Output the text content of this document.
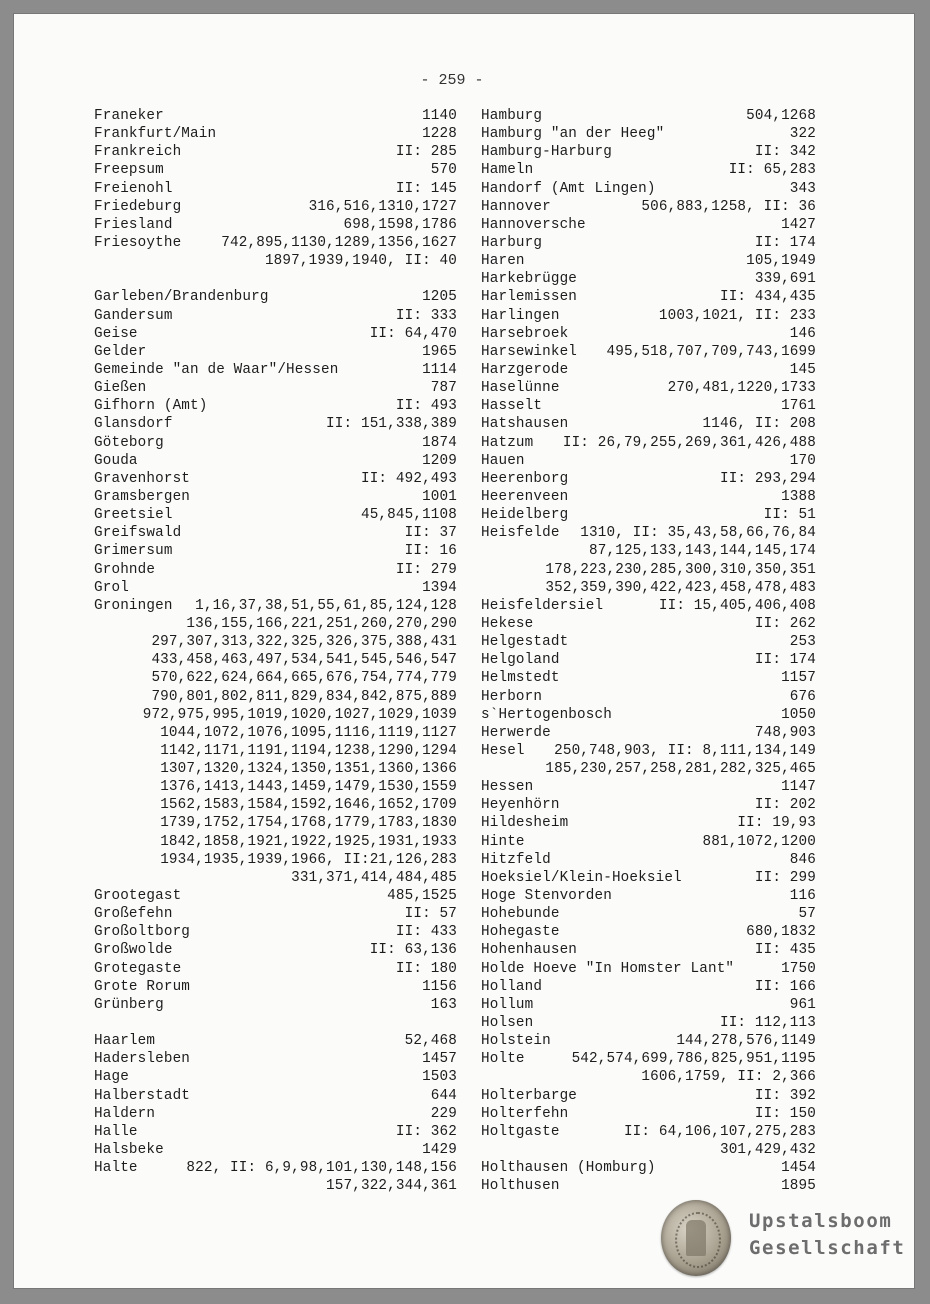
- 259 -
Franeker	1140
Frankfurt/Main	1228
Frankreich	II: 285
Freepsum	570
Freienohl	II: 145
Friedeburg	316,516,1310,1727
Friesland	698,1598,1786
Friesoythe	742,895,1130,1289,1356,1627
1897,1939,1940, II: 40
Garleben/Brandenburg	1205
Gandersum	II: 333
Geise	II: 64,470
Gelder	1965
Gemeinde "an de Waar"/Hessen	1114
Gießen	787
Gifhorn (Amt)	II: 493
Glansdorf	II: 151,338,389
Göteborg	1874
Gouda	1209
Gravenhorst	II: 492,493
Gramsbergen	1001
Greetsiel	45,845,1108
Greifswald	II: 37
Grimersum	II: 16
Grohnde	II: 279
Grol	1394
Groningen 1,16,37,38,51,55,61,85,124,128
136,155,166,221,251,260,270,290
297,307,313,322,325,326,375,388,431
433,458,463,497,534,541,545,546,547
570,622,624,664,665,676,754,774,779
790,801,802,811,829,834,842,875,889
972,975,995,1019,1020,1027,1029,1039
1044,1072,1076,1095,1116,1119,1127
1142,1171,1191,1194,1238,1290,1294
1307,1320,1324,1350,1351,1360,1366
1376,1413,1443,1459,1479,1530,1559
1562,1583,1584,1592,1646,1652,1709
1739,1752,1754,1768,1779,1783,1830
1842,1858,1921,1922,1925,1931,1933
1934,1935,1939,1966, II:21,126,283
331,371,414,484,485
Grootegast	485,1525
Großefehn	II: 57
Großoltborg	II: 433
Großwolde	II: 63,136
Grotegaste	II: 180
Grote Rorum	1156
Grünberg	163
Haarlem	52,468
Hadersleben	1457
Hage	1503
Halberstadt	644
Haldern	229
Halle	II: 362
Halsbeke	1429
Halte	822, II: 6,9,98,101,130,148,156
157,322,344,361
Hamburg	504,1268
Hamburg "an der Heeg"	322
Hamburg-Harburg	II: 342
Hameln	II: 65,283
Handorf (Amt Lingen)	343
Hannover	506,883,1258, II: 36
Hannoversche	1427
Harburg	II: 174
Haren	105,1949
Harkebrügge	339,691
Harlemissen	II: 434,435
Harlingen	1003,1021, II: 233
Harsebroek	146
Harsewinkel 495,518,707,709,743,1699
Harzgerode	145
Haselünne	270,481,1220,1733
Hasselt	1761
Hatshausen	1146, II: 208
Hatzum II: 26,79,255,269,361,426,488
Hauen	170
Heerenborg	II: 293,294
Heerenveen	1388
Heidelberg	II: 51
Heisfelde 1310, II: 35,43,58,66,76,84
87,125,133,143,144,145,174
178,223,230,285,300,310,350,351
352,359,390,422,423,458,478,483
Heisfeldersiel	II: 15,405,406,408
Hekese	II: 262
Helgestadt	253
Helgoland	II: 174
Helmstedt	1157
Herborn	676
s`Hertogenbosch	1050
Herwerde	748,903
Hesel 250,748,903, II: 8,111,134,149
185,230,257,258,281,282,325,465
Hessen	1147
Heyenhörn	II: 202
Hildesheim	II: 19,93
Hinte	881,1072,1200
Hitzfeld	846
Hoeksiel/Klein-Hoeksiel	II: 299
Hoge Stenvorden	116
Hohebunde	57
Hohegaste	680,1832
Hohenhausen	II: 435
Holde Hoeve "In Homster Lant"	1750
Holland	II: 166
Hollum	961
Holsen	II: 112,113
Holstein	144,278,576,1149
Holte	542,574,699,786,825,951,1195
1606,1759, II: 2,366
Holterbarge	II: 392
Holterfehn	II: 150
Holtgaste	II: 64,106,107,275,283
301,429,432
Holthausen (Homburg)	1454
Holthusen	1895
Upstalsboom
Gesellschaft
